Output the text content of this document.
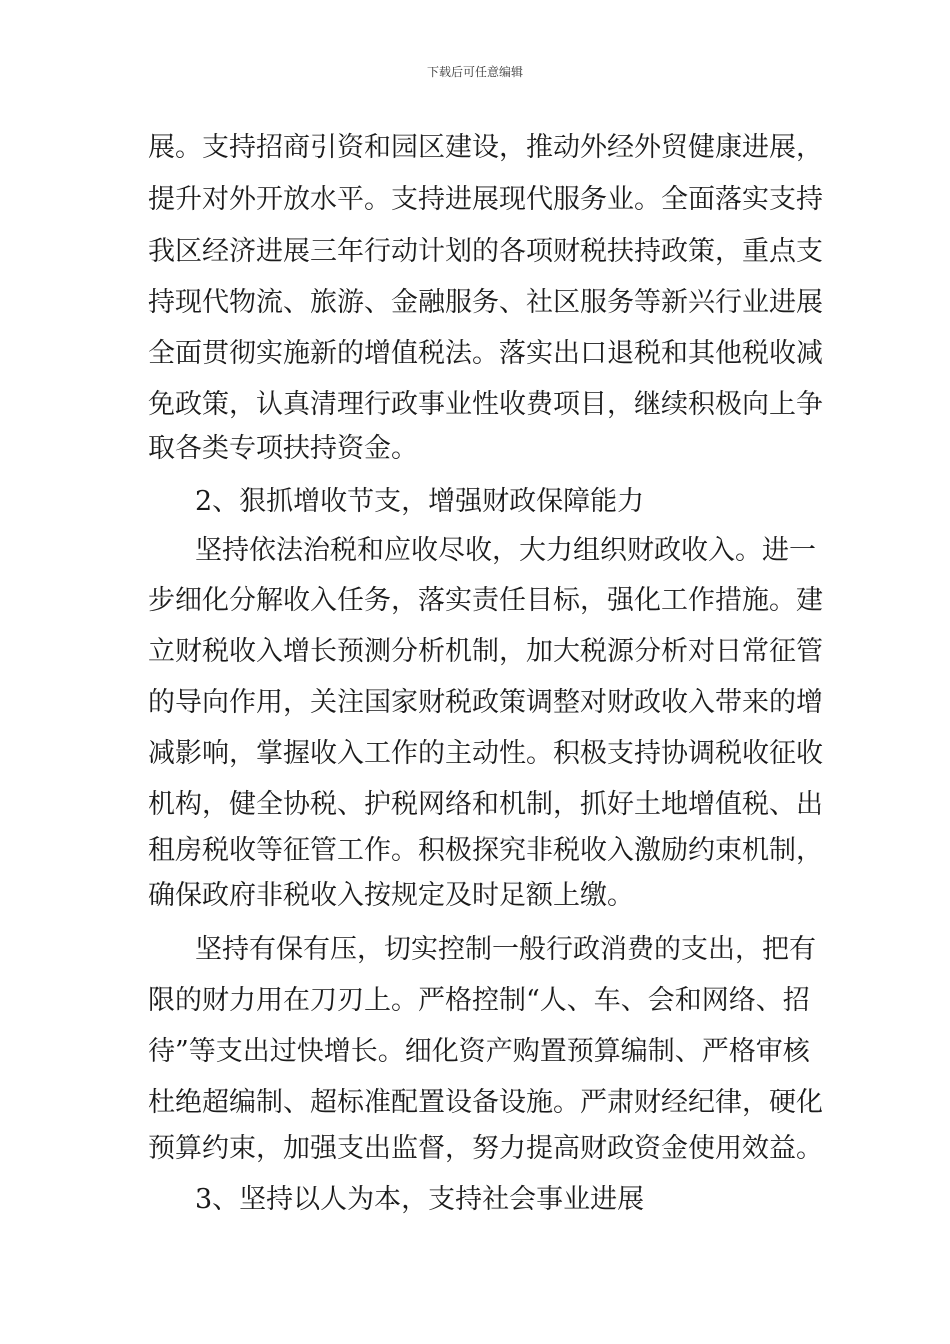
下载后可任意编辑
展。支持招商引资和园区建设，推动外经外贸健康进展，
提升对外开放水平。支持进展现代服务业。全面落实支持
我区经济进展三年行动计划的各项财税扶持政策，重点支
持现代物流、旅游、金融服务、社区服务等新兴行业进展
全面贯彻实施新的增值税法。落实出口退税和其他税收减
免政策，认真清理行政事业性收费项目，继续积极向上争
取各类专项扶持资金。
2、狠抓增收节支，增强财政保障能力
坚持依法治税和应收尽收，大力组织财政收入。进一
步细化分解收入任务，落实责任目标，强化工作措施。建
立财税收入增长预测分析机制，加大税源分析对日常征管
的导向作用，关注国家财税政策调整对财政收入带来的增
减影响，掌握收入工作的主动性。积极支持协调税收征收
机构，健全协税、护税网络和机制，抓好土地增值税、出
租房税收等征管工作。积极探究非税收入激励约束机制，
确保政府非税收入按规定及时足额上缴。
坚持有保有压，切实控制一般行政消费的支出，把有
限的财力用在刀刃上。严格控制“人、车、会和网络、招
待”等支出过快增长。细化资产购置预算编制、严格审核
杜绝超编制、超标准配置设备设施。严肃财经纪律，硬化
预算约束，加强支出监督，努力提高财政资金使用效益。
3、坚持以人为本，支持社会事业进展
